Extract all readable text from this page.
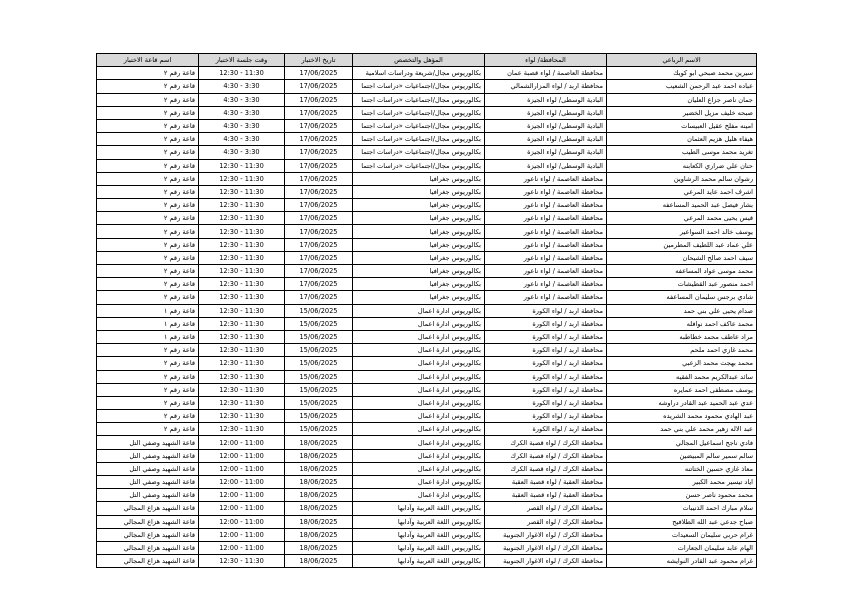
الاسم الرباعي	المحافظة/ لواء	المؤهل والتخصص	تاريخ الاختبار	وقت جلسة الاختبار	اسم قاعة الاختبار
سيرين محمد صبحي ابو كويك	محافظة العاصمة / لواء قصبة عمان	بكالوريوس مجال/شريعة ودراسات اسلامية	17/06/2025	11:30 - 12:30	قاعة رقم ٢
عباده احمد عبد الرحمن الشعيب	محافظة اربد / لواء المزارالشمالي	بكالوريوس مجال/اجتماعيات «دراسات اجتما	17/06/2025	3:30 - 4:30	قاعة رقم ٢
جمان ناصر جزاع العليان	البادية الوسطى/ لواء الجيزة	بكالوريوس مجال/اجتماعيات «دراسات اجتما	17/06/2025	3:30 - 4:30	قاعة رقم ٢
صبحه خليف مزيل الخضير	البادية الوسطى/ لواء الجيزة	بكالوريوس مجال/اجتماعيات «دراسات اجتما	17/06/2025	3:30 - 4:30	قاعة رقم ٢
امينه مفلح عقيل العبيسات	البادية الوسطى/ لواء الجيزة	بكالوريوس مجال/اجتماعيات «دراسات اجتما	17/06/2025	3:30 - 4:30	قاعة رقم ٢
هيفاء هليل هزيم العثمان	البادية الوسطى/ لواء الجيزة	بكالوريوس مجال/اجتماعيات «دراسات اجتما	17/06/2025	3:30 - 4:30	قاعة رقم ٢
تغريد محمد موسى الطيب	البادية الوسطى/ لواء الجيزة	بكالوريوس مجال/اجتماعيات «دراسات اجتما	17/06/2025	3:30 - 4:30	قاعة رقم ٢
حنان علي ضراري الكعابنه	البادية الوسطى/ لواء الجيزة	بكالوريوس مجال/اجتماعيات «دراسات اجتما	17/06/2025	11:30 - 12:30	قاعة رقم ٢
رشوان سالم محمد الرشاوين	محافظة العاصمة / لواء ناعور	بكالوريوس جغرافيا	17/06/2025	11:30 - 12:30	قاعة رقم ٢
اشرف احمد عايد المرعي	محافظة العاصمة / لواء ناعور	بكالوريوس جغرافيا	17/06/2025	11:30 - 12:30	قاعة رقم ٢
بشار فيصل عبد الحميد المساعفه	محافظة العاصمة / لواء ناعور	بكالوريوس جغرافيا	17/06/2025	11:30 - 12:30	قاعة رقم ٢
قيس يحيى محمد المرعي	محافظة العاصمة / لواء ناعور	بكالوريوس جغرافيا	17/06/2025	11:30 - 12:30	قاعة رقم ٢
يوسف خالد احمد السواعير	محافظة العاصمة / لواء ناعور	بكالوريوس جغرافيا	17/06/2025	11:30 - 12:30	قاعة رقم ٢
علي عماد عبد اللطيف المطرمين	محافظة العاصمة / لواء ناعور	بكالوريوس جغرافيا	17/06/2025	11:30 - 12:30	قاعة رقم ٢
سيف احمد صالح الشيحان	محافظة العاصمة / لواء ناعور	بكالوريوس جغرافيا	17/06/2025	11:30 - 12:30	قاعة رقم ٢
محمد موسى عواد المساعفه	محافظة العاصمة / لواء ناعور	بكالوريوس جغرافيا	17/06/2025	11:30 - 12:30	قاعة رقم ٢
احمد منصور عبد القطيشات	محافظة العاصمة / لواء ناعور	بكالوريوس جغرافيا	17/06/2025	11:30 - 12:30	قاعة رقم ٢
شادي برجس سليمان المساعفه	محافظة العاصمة / لواء ناعور	بكالوريوس جغرافيا	17/06/2025	11:30 - 12:30	قاعة رقم ٢
صدام يحيى علي بني حمد	محافظة اربد / لواء الكورة	بكالوريوس ادارة اعمال	15/06/2025	11:30 - 12:30	قاعة رقم ١
محمد عاكف احمد نوافله	محافظة اربد / لواء الكورة	بكالوريوس ادارة اعمال	15/06/2025	11:30 - 12:30	قاعة رقم ١
مراد عاطف محمد خطاطبه	محافظة اربد / لواء الكورة	بكالوريوس ادارة اعمال	15/06/2025	11:30 - 12:30	قاعة رقم ١
محمد غازي احمد ملحم	محافظة اربد / لواء الكورة	بكالوريوس ادارة اعمال	15/06/2025	11:30 - 12:30	قاعة رقم ٢
محمد بهجت محمد الزعبي	محافظة اربد / لواء الكورة	بكالوريوس ادارة اعمال	15/06/2025	11:30 - 12:30	قاعة رقم ٢
سائد عبدالكريم محمد الفقيه	محافظة اربد / لواء الكورة	بكالوريوس ادارة اعمال	15/06/2025	11:30 - 12:30	قاعة رقم ٢
يوسف مصطفى احمد عمايره	محافظة اربد / لواء الكورة	بكالوريوس ادارة اعمال	15/06/2025	11:30 - 12:30	قاعة رقم ٢
عدي عبد الحميد عبد القادر دراوشه	محافظة اربد / لواء الكورة	بكالوريوس ادارة اعمال	15/06/2025	11:30 - 12:30	قاعة رقم ٢
عبد الهادي محمود محمد الشريده	محافظة اربد / لواء الكورة	بكالوريوس ادارة اعمال	15/06/2025	11:30 - 12:30	قاعة رقم ٢
عبد الاله زهير محمد علي بني حمد	محافظة اربد / لواء الكورة	بكالوريوس ادارة اعمال	15/06/2025	11:30 - 12:30	قاعة رقم ٢
فادي ناجح اسماعيل المجالي	محافظة الكرك / لواء قصبة الكرك	بكالوريوس ادارة اعمال	18/06/2025	11:00 - 12:00	قاعة الشهيد وصفي التل
سالم سمير سالم المبيضين	محافظة الكرك / لواء قصبة الكرك	بكالوريوس ادارة اعمال	18/06/2025	11:00 - 12:00	قاعة الشهيد وصفي التل
معاذ غازي حسين الختاتنه	محافظة الكرك / لواء قصبة الكرك	بكالوريوس ادارة اعمال	18/06/2025	11:00 - 12:00	قاعة الشهيد وصفي التل
اياد تيسير محمد الكبير	محافظة العقبة / لواء قصبة العقبة	بكالوريوس ادارة اعمال	18/06/2025	11:00 - 12:00	قاعة الشهيد وصفي التل
محمد محمود ناصر حسن	محافظة العقبة / لواء قصبة العقبة	بكالوريوس ادارة اعمال	18/06/2025	11:00 - 12:00	قاعة الشهيد وصفي التل
سلام مبارك احمد الذنيبات	محافظة الكرك / لواء القصر	بكالوريوس اللغة العربية وآدابها	18/06/2025	11:00 - 12:00	قاعة الشهيد هزاع المجالي
صباح جدعي عبد الله الطلافيح	محافظة الكرك / لواء القصر	بكالوريوس اللغة العربية وآدابها	18/06/2025	11:00 - 12:00	قاعة الشهيد هزاع المجالي
غرام حربي سليمان السعيدات	محافظة الكرك / لواء الاغوار الجنوبية	بكالوريوس اللغة العربية وآدابها	18/06/2025	11:00 - 12:00	قاعة الشهيد هزاع المجالي
الهام عابد سليمان الجعارات	محافظة الكرك / لواء الاغوار الجنوبية	بكالوريوس اللغة العربية وآدابها	18/06/2025	11:00 - 12:00	قاعة الشهيد هزاع المجالي
غرام محمود عبد القادر النوايشه	محافظة الكرك / لواء الاغوار الجنوبية	بكالوريوس اللغة العربية وآدابها	18/06/2025	11:30 - 12:30	قاعة الشهيد هزاع المجالي
